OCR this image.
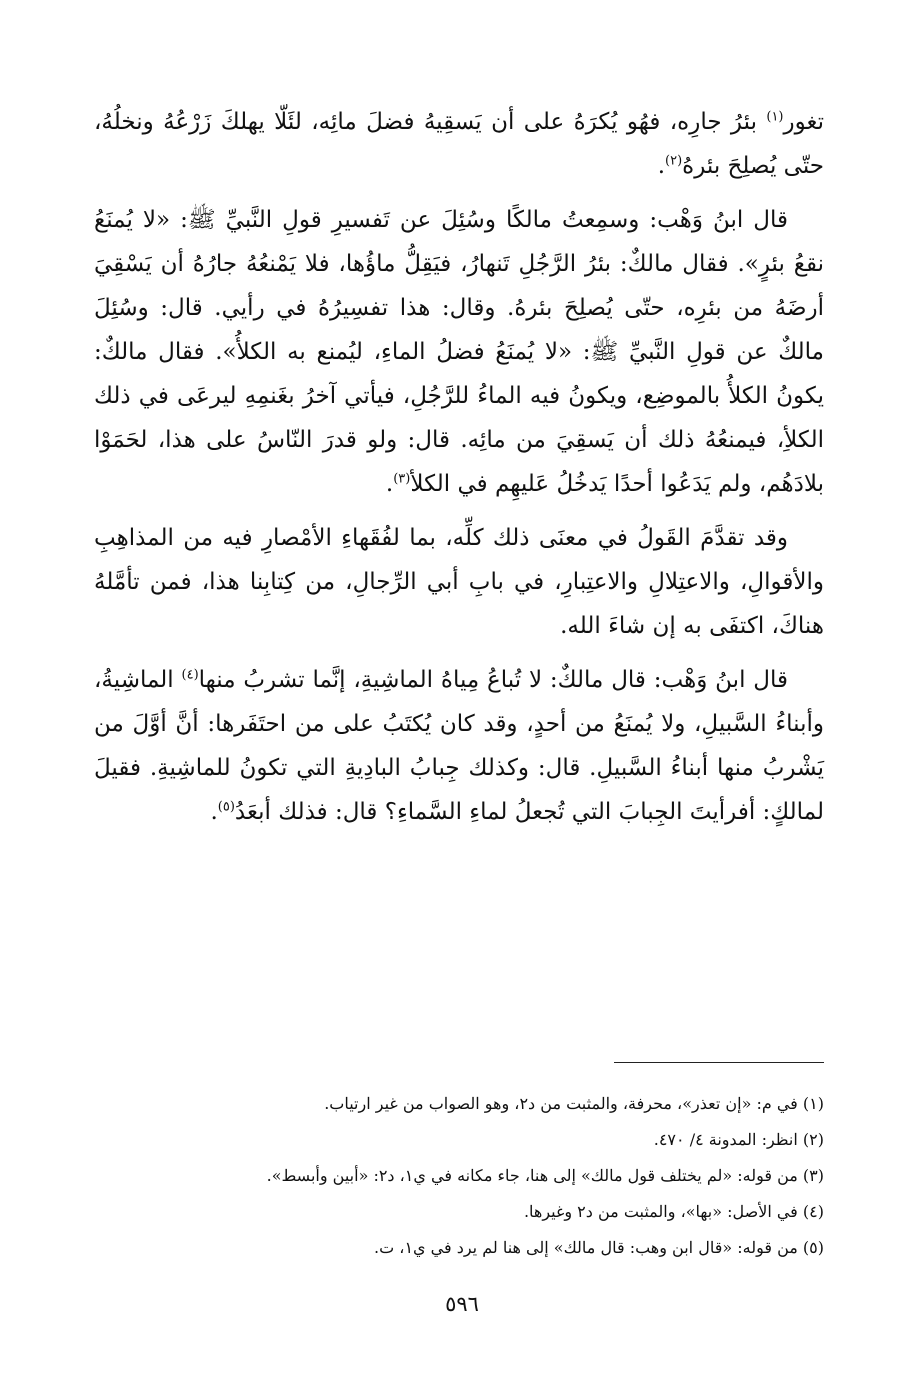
تغور$^{(١)}$ بئرُ جارِه، فهُو يُكرَهُ على أن يَسقِيهُ فضلَ مائِه، لئَلّا يهلكَ زَرْعُهُ ونخلُهُ، حتّى يُصلِحَ بئرهُ$^{(٢)}$.

قال ابنُ وَهْب: وسمِعتُ مالكًا وسُئِلَ عن تَفسيرِ قولِ النَّبيِّ ﷺ: «لا يُمنَعُ نقعُ بئرٍ». فقال مالكٌ: بئرُ الرَّجُلِ تَنهارُ، فيَقِلُّ ماؤُها، فلا يَمْنعُهُ جارُهُ أن يَسْقِيَ أرضَهُ من بئرِه، حتّى يُصلِحَ بئرهُ. وقال: هذا تفسِيرُهُ في رأيي. قال: وسُئِلَ مالكٌ عن قولِ النَّبيِّ ﷺ: «لا يُمنَعُ فضلُ الماءِ، ليُمنع به الكلأُ». فقال مالكٌ: يكونُ الكلأُ بالموضِع، ويكونُ فيه الماءُ للرَّجُلِ، فيأتي آخرُ بغَنمِهِ ليرعَى في ذلك الكلأِ، فيمنعُهُ ذلك أن يَسقِيَ من مائِه. قال: ولو قدرَ النّاسُ على هذا، لحَمَوْا بلادَهُم، ولم يَدَعُوا أحدًا يَدخُلُ عَليهِم في الكلأ$^{(٣)}$.

وقد تقدَّمَ القَولُ في معنَى ذلك كلِّه، بما لفُقَهاءِ الأمْصارِ فيه من المذاهِبِ والأقوالِ، والاعتِلالِ والاعتِبارِ، في بابِ أبي الرِّجالِ، من كِتابِنا هذا، فمن تأمَّلهُ هناكَ، اكتفَى به إن شاءَ الله.

قال ابنُ وَهْب: قال مالكٌ: لا تُباعُ مِياهُ الماشِيةِ، إنَّما تشربُ منها$^{(٤)}$ الماشِيةُ، وأبناءُ السَّبيلِ، ولا يُمنَعُ من أحدٍ، وقد كان يُكتَبُ على من احتَفَرها: أنَّ أوَّلَ من يَشْربُ منها أبناءُ السَّبيلِ. قال: وكذلك جِبابُ البادِيةِ التي تكونُ للماشِيةِ. فقيلَ لمالكٍ: أفرأيتَ الجِبابَ التي تُجعلُ لماءِ السَّماءِ؟ قال: فذلك أبعَدُ$^{(٥)}$.

(١) في م: «إن تعذر»، محرفة، والمثبت من د٢، وهو الصواب من غير ارتياب.

(٢) انظر: المدونة ٤/ ٤٧٠.

(٣) من قوله: «لم يختلف قول مالك» إلى هنا، جاء مكانه في ي١، د٢: «أبين وأبسط».

(٤) في الأصل: «بها»، والمثبت من د٢ وغيرها.

(٥) من قوله: «قال ابن وهب: قال مالك» إلى هنا لم يرد في ي١، ت.

٥٩٦
